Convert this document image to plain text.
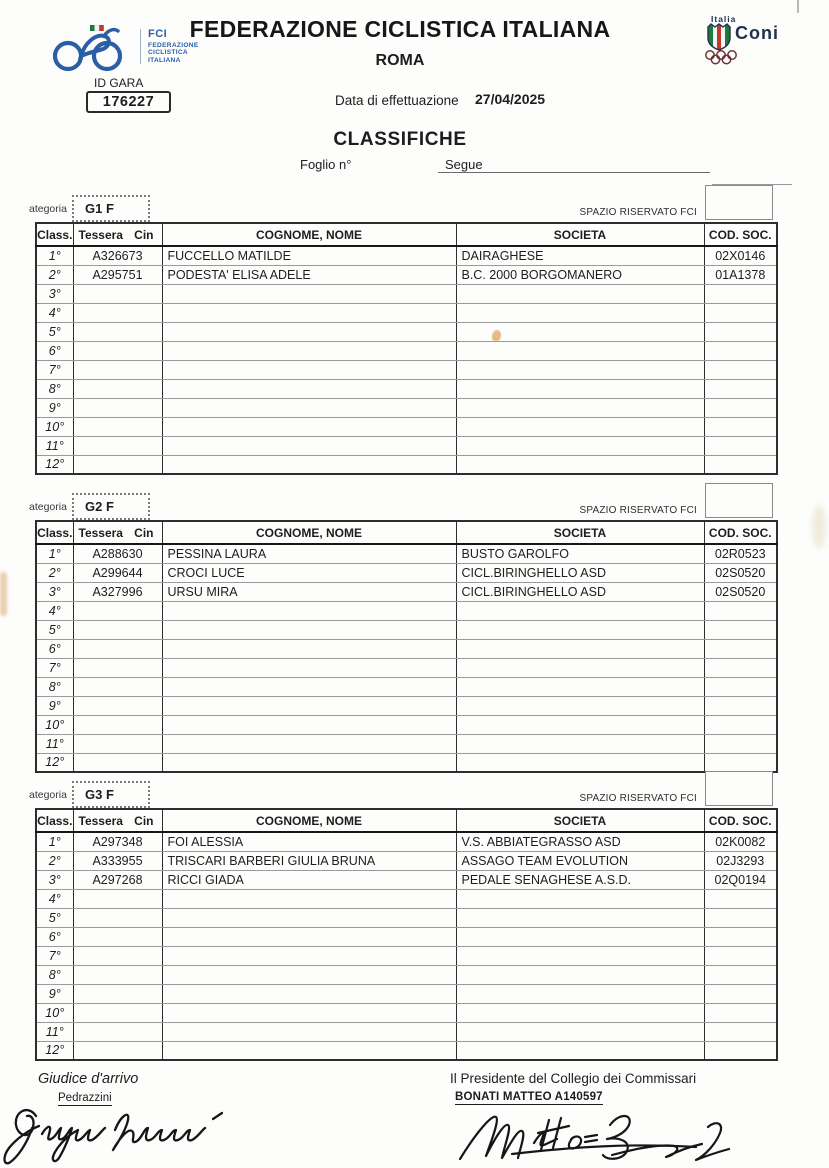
FCI
FEDERAZIONE
CICLISTICA
ITALIANA
FEDERAZIONE CICLISTICA ITALIANA
ROMA
Italia
Coni
ID GARA
176227	Data di effettuazione 27/04/2025
CLASSIFICHE
Foglio n°	Segue
ategoria	G1 F	SPAZIO RISERVATO FCI
Class.	Tessera Cin	COGNOME, NOME	SOCIETA	COD. SOC.
1°	A326673	FUCCELLO MATILDE	DAIRAGHESE	02X0146
2°	A295751	PODESTA' ELISA ADELE	B.C. 2000 BORGOMANERO	01A1378
3°				
4°				
5°				
6°				
7°				
8°				
9°				
10°				
11°				
12°				
ategoria	G2 F	SPAZIO RISERVATO FCI
Class.	Tessera Cin	COGNOME, NOME	SOCIETA	COD. SOC.
1°	A288630	PESSINA LAURA	BUSTO GAROLFO	02R0523
2°	A299644	CROCI LUCE	CICL.BIRINGHELLO ASD	02S0520
3°	A327996	URSU MIRA	CICL.BIRINGHELLO ASD	02S0520
4°				
5°				
6°				
7°				
8°				
9°				
10°				
11°				
12°				
ategoria	G3 F	SPAZIO RISERVATO FCI
Class.	Tessera Cin	COGNOME, NOME	SOCIETA	COD. SOC.
1°	A297348	FOI ALESSIA	V.S. ABBIATEGRASSO ASD	02K0082
2°	A333955	TRISCARI BARBERI GIULIA BRUNA	ASSAGO TEAM EVOLUTION	02J3293
3°	A297268	RICCI GIADA	PEDALE SENAGHESE A.S.D.	02Q0194
4°				
5°				
6°				
7°				
8°				
9°				
10°				
11°				
12°				
Giudice d'arrivo
Pedrazzini
Il Presidente del Collegio dei Commissari
BONATI MATTEO A140597
